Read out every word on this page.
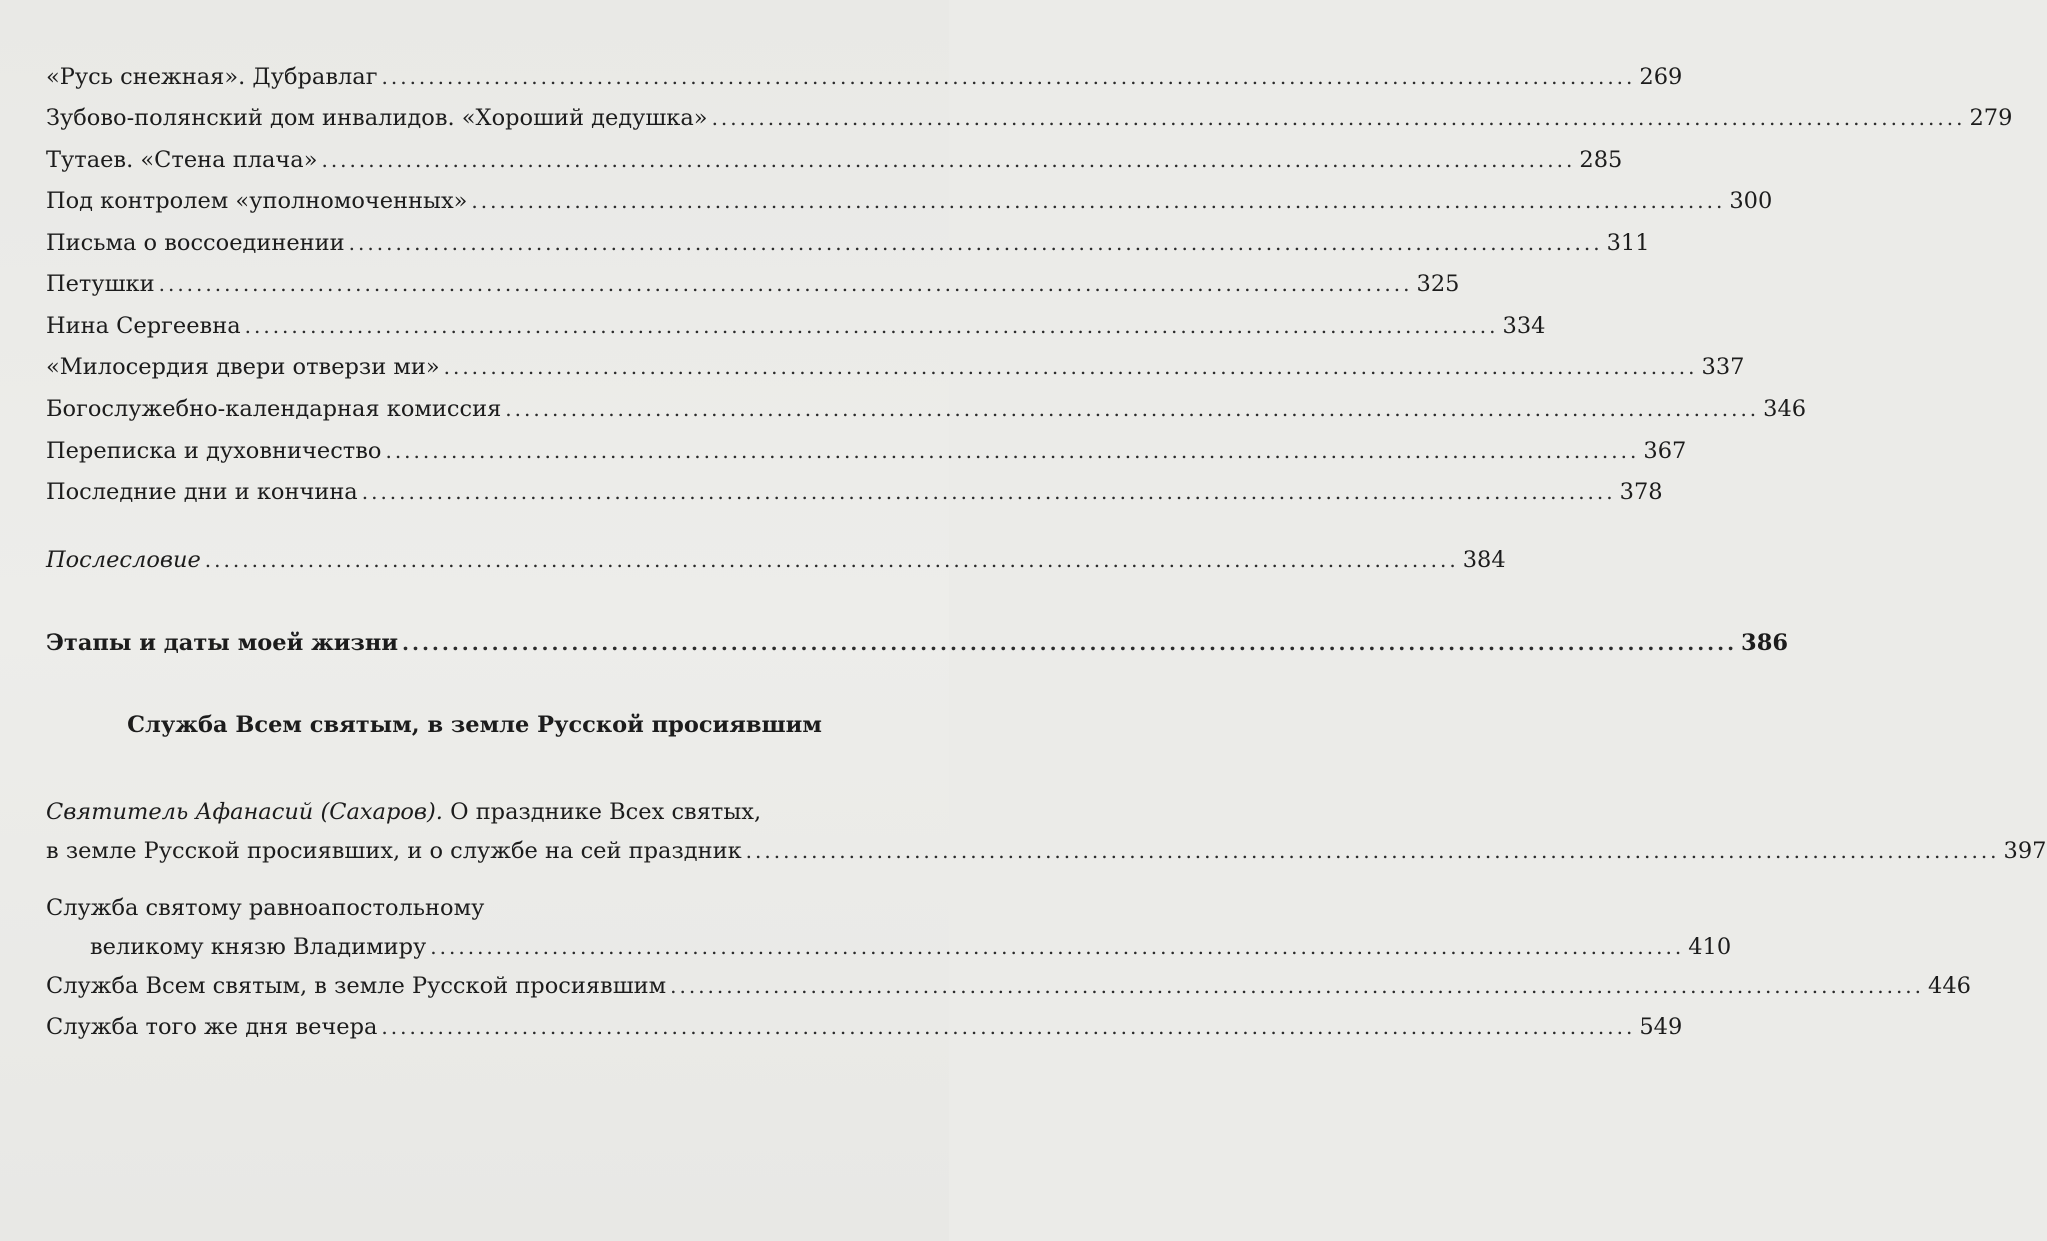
«Русь снежная». Дубравлаг ...................................................................................................................................... 269
Зубово-полянский дом инвалидов. «Хороший дедушка» ...................................................................................................................................... 279
Тутаев. «Стена плача» ...................................................................................................................................... 285
Под контролем «уполномоченных» ...................................................................................................................................... 300
Письма о воссоединении ...................................................................................................................................... 311
Петушки ...................................................................................................................................... 325
Нина Сергеевна ...................................................................................................................................... 334
«Милосердия двери отверзи ми» ...................................................................................................................................... 337
Богослужебно-календарная комиссия ...................................................................................................................................... 346
Переписка и духовничество ...................................................................................................................................... 367
Последние дни и кончина ...................................................................................................................................... 378
Послесловие ...................................................................................................................................... 384
Этапы и даты моей жизни ...................................................................................................................................... 386
Служба Всем святым, в земле Русской просиявшим
Святитель Афанасий (Сахаров). О празднике Всех святых,
в земле Русской просиявших, и о службе на сей праздник ...................................................................................................................................... 397
Служба святому равноапостольному
великому князю Владимиру ...................................................................................................................................... 410
Служба Всем святым, в земле Русской просиявшим ...................................................................................................................................... 446
Служба того же дня вечера ...................................................................................................................................... 549
